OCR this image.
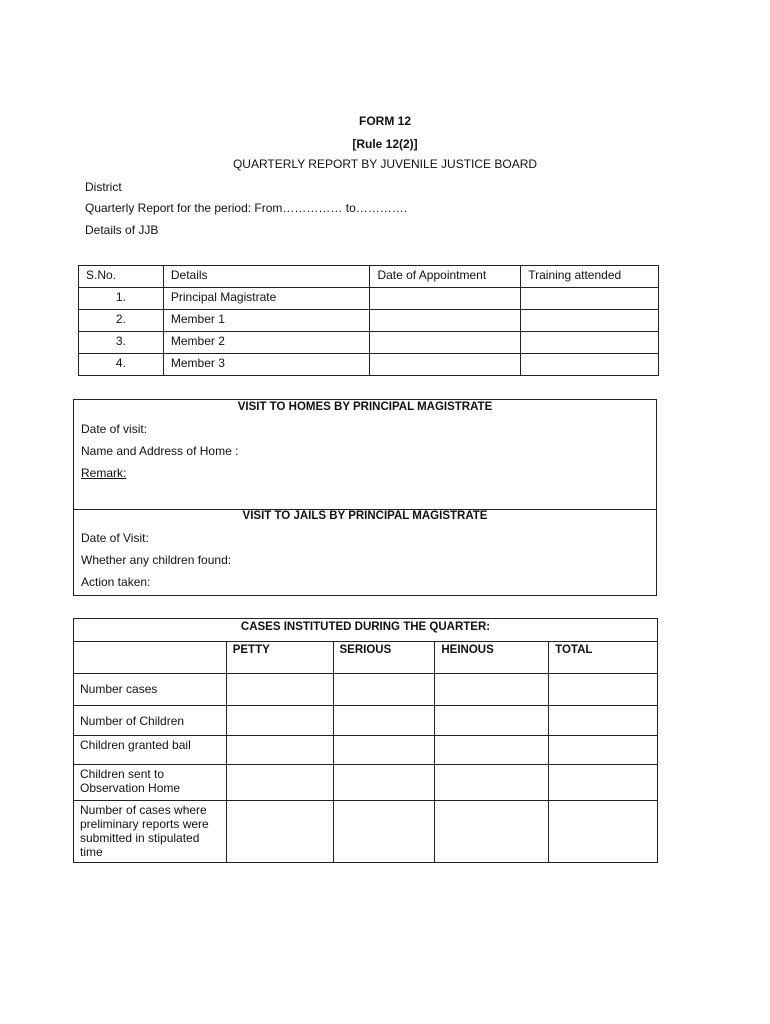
FORM 12
[Rule 12(2)]
QUARTERLY REPORT BY JUVENILE JUSTICE BOARD
District
Quarterly Report for the period: From…………… to………….
Details of JJB
S.No.	Details	Date of Appointment	Training attended

1.	Principal Magistrate		

2.	Member 1		

3.	Member 2		

4.	Member 3		

VISIT TO HOMES BY PRINCIPAL MAGISTRATE
Date of visit:
Name and Address of Home :
Remark:
VISIT TO JAILS BY PRINCIPAL MAGISTRATE
Date of Visit:
Whether any children found:
Action taken:
CASES INSTITUTED DURING THE QUARTER:				
	PETTY	SERIOUS	HEINOUS	TOTAL
Number cases				
Number of Children				
Children granted bail				
Children sent to Observation Home				
Number of cases where preliminary reports were submitted in stipulated time				
